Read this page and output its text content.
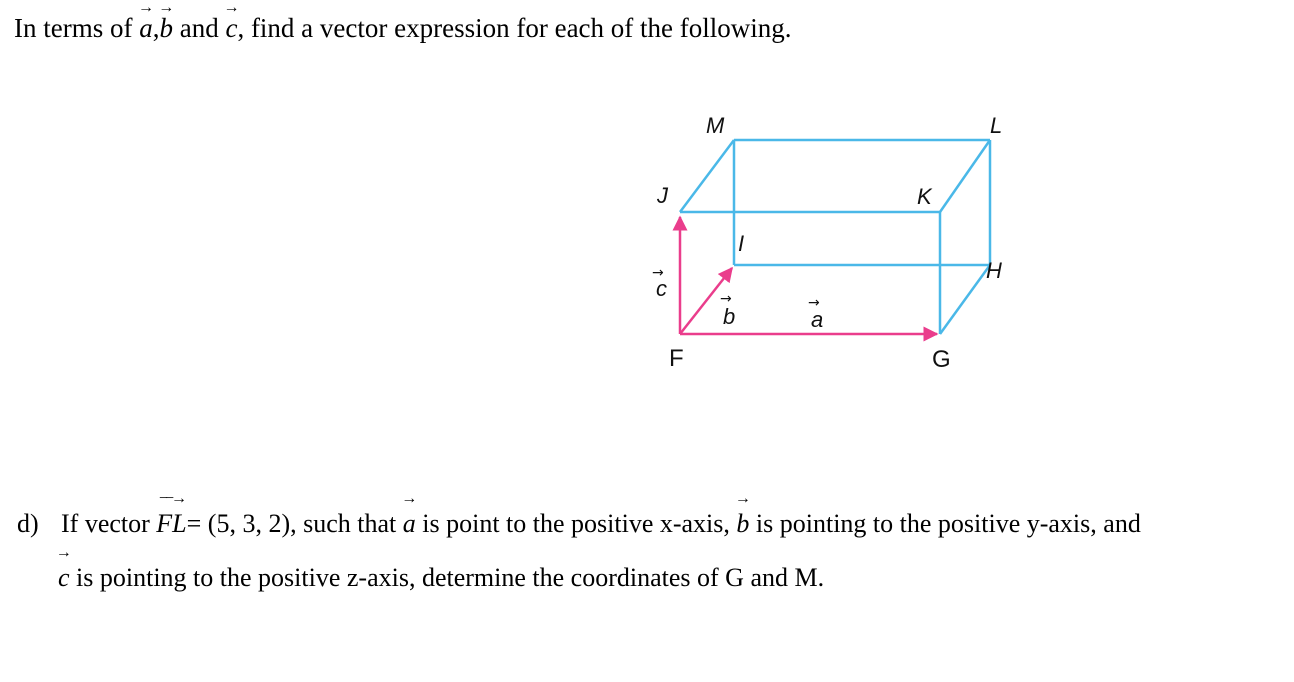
In terms of → a,→ b and → c, find a vector expression for each of the following.
M	L
J	K
I
H
F	G
c
→
b
→
a
→
d) If vector −−→ FL= (5, 3, 2), such that → a is point to the positive x-axis, → b is pointing to the positive y-axis, and
→ c is pointing to the positive z-axis, determine the coordinates of G and M.
